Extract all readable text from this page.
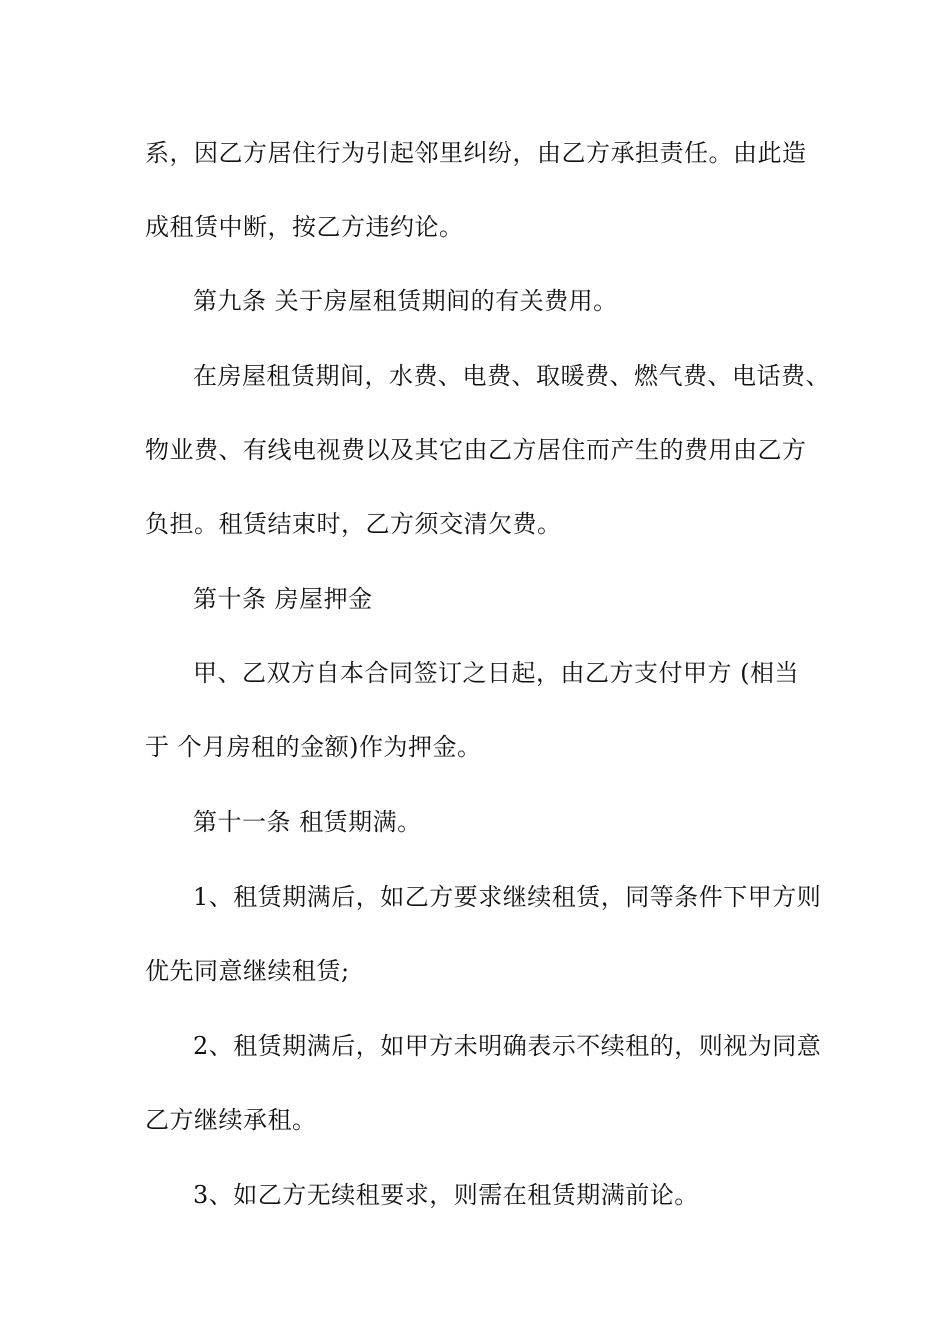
系，因乙方居住行为引起邻里纠纷，由乙方承担责任。由此造
成租赁中断，按乙方违约论。
第九条 关于房屋租赁期间的有关费用。
在房屋租赁期间，水费、电费、取暖费、燃气费、电话费、
物业费、有线电视费以及其它由乙方居住而产生的费用由乙方
负担。租赁结束时，乙方须交清欠费。
第十条 房屋押金
甲、乙双方自本合同签订之日起，由乙方支付甲方 (相当
于 个月房租的金额)作为押金。
第十一条 租赁期满。
1、租赁期满后，如乙方要求继续租赁，同等条件下甲方则
优先同意继续租赁;
2、租赁期满后，如甲方未明确表示不续租的，则视为同意
乙方继续承租。
3、如乙方无续租要求，则需在租赁期满前论。
